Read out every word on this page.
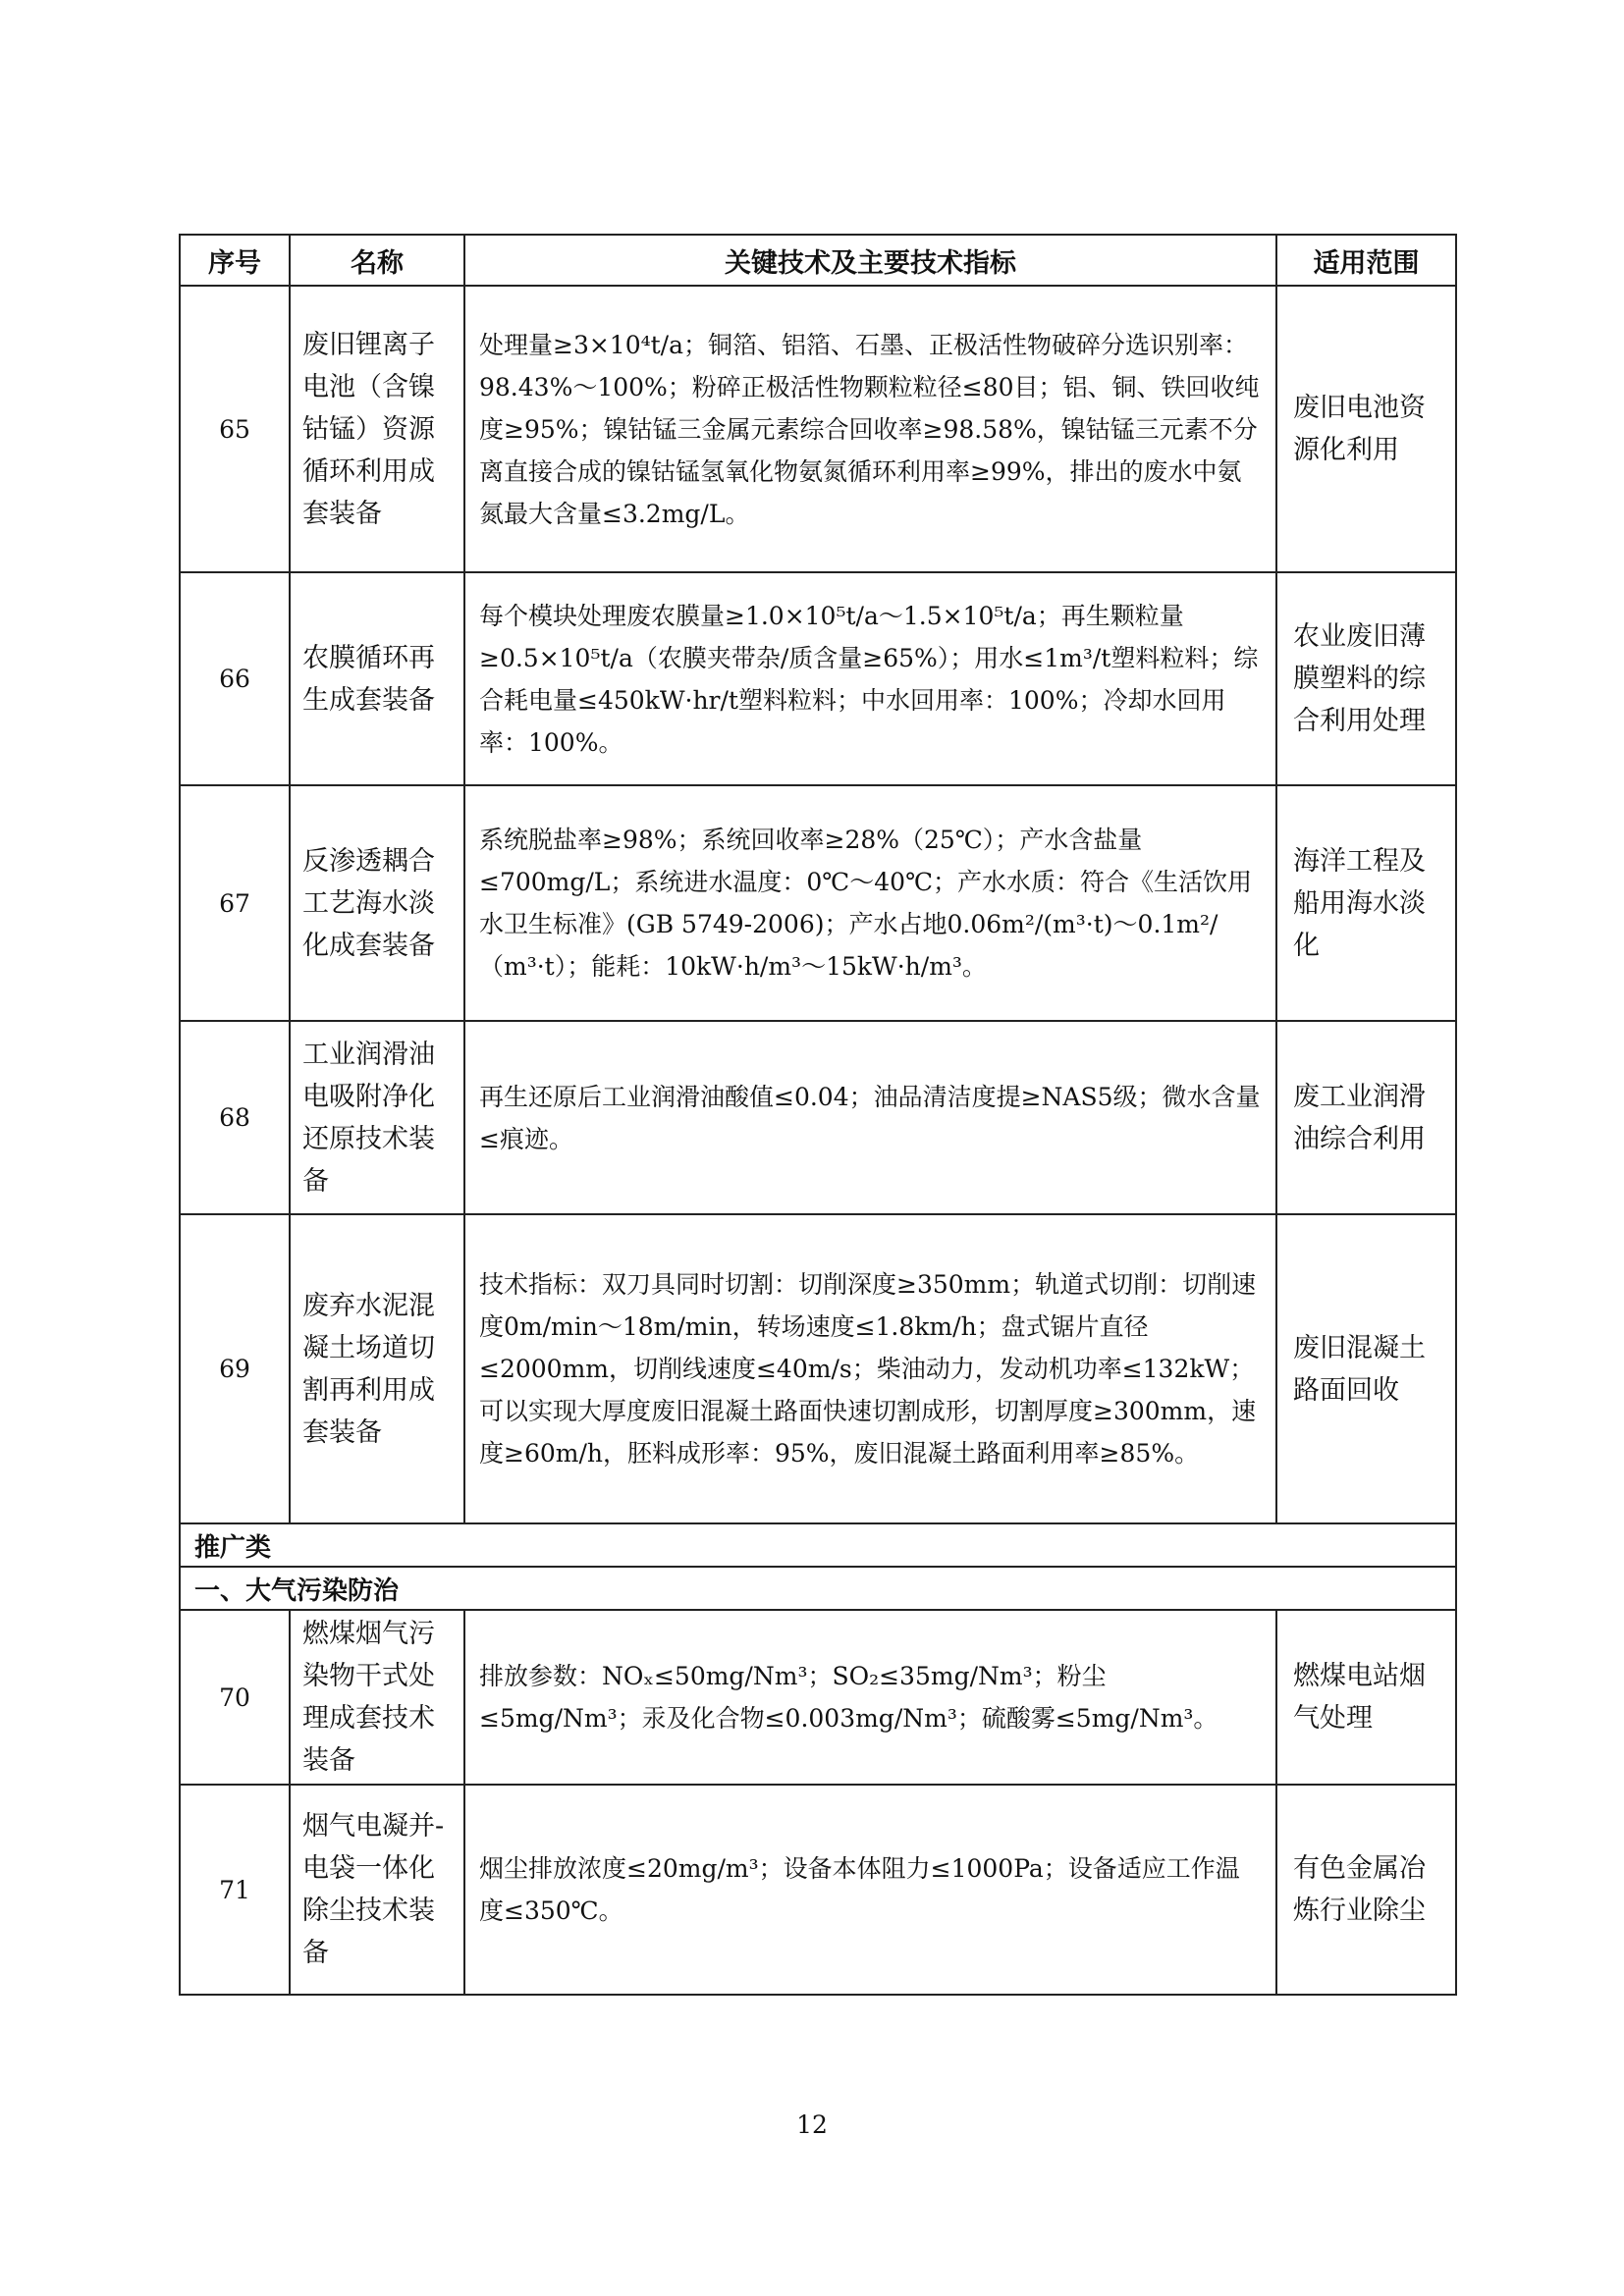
序号	名称	关键技术及主要技术指标	适用范围
65	废旧锂离子电池（含镍钴锰）资源循环利用成套装备	处理量≥3×10⁴t/a；铜箔、铝箔、石墨、正极活性物破碎分选识别率：98.43%～100%；粉碎正极活性物颗粒粒径≤80目；铝、铜、铁回收纯度≥95%；镍钴锰三金属元素综合回收率≥98.58%，镍钴锰三元素不分离直接合成的镍钴锰氢氧化物氨氮循环利用率≥99%，排出的废水中氨氮最大含量≤3.2mg/L。	废旧电池资源化利用
66	农膜循环再生成套装备	每个模块处理废农膜量≥1.0×10⁵t/a～1.5×10⁵t/a；再生颗粒量≥0.5×10⁵t/a（农膜夹带杂/质含量≥65%）；用水≤1m³/t塑料粒料；综合耗电量≤450kW·hr/t塑料粒料；中水回用率：100%；冷却水回用率：100%。	农业废旧薄膜塑料的综合利用处理
67	反渗透耦合工艺海水淡化成套装备	系统脱盐率≥98%；系统回收率≥28%（25℃）；产水含盐量≤700mg/L；系统进水温度：0℃～40℃；产水水质：符合《生活饮用水卫生标准》(GB 5749-2006)；产水占地0.06m²/(m³·t)～0.1m²/（m³·t）；能耗：10kW·h/m³～15kW·h/m³。	海洋工程及船用海水淡化
68	工业润滑油电吸附净化还原技术装备	再生还原后工业润滑油酸值≤0.04；油品清洁度提≥NAS5级；微水含量≤痕迹。	废工业润滑油综合利用
69	废弃水泥混凝土场道切割再利用成套装备	技术指标：双刀具同时切割：切削深度≥350mm；轨道式切削：切削速度0m/min～18m/min，转场速度≤1.8km/h；盘式锯片直径≤2000mm，切削线速度≤40m/s；柴油动力，发动机功率≤132kW；可以实现大厚度废旧混凝土路面快速切割成形，切割厚度≥300mm，速度≥60m/h，胚料成形率：95%，废旧混凝土路面利用率≥85%。	废旧混凝土路面回收
推广类			
一、大气污染防治			
70	燃煤烟气污染物干式处理成套技术装备	排放参数：NOₓ≤50mg/Nm³；SO₂≤35mg/Nm³；粉尘≤5mg/Nm³；汞及化合物≤0.003mg/Nm³；硫酸雾≤5mg/Nm³。	燃煤电站烟气处理
71	烟气电凝并-电袋一体化除尘技术装备	烟尘排放浓度≤20mg/m³；设备本体阻力≤1000Pa；设备适应工作温度≤350℃。	有色金属冶炼行业除尘
12
